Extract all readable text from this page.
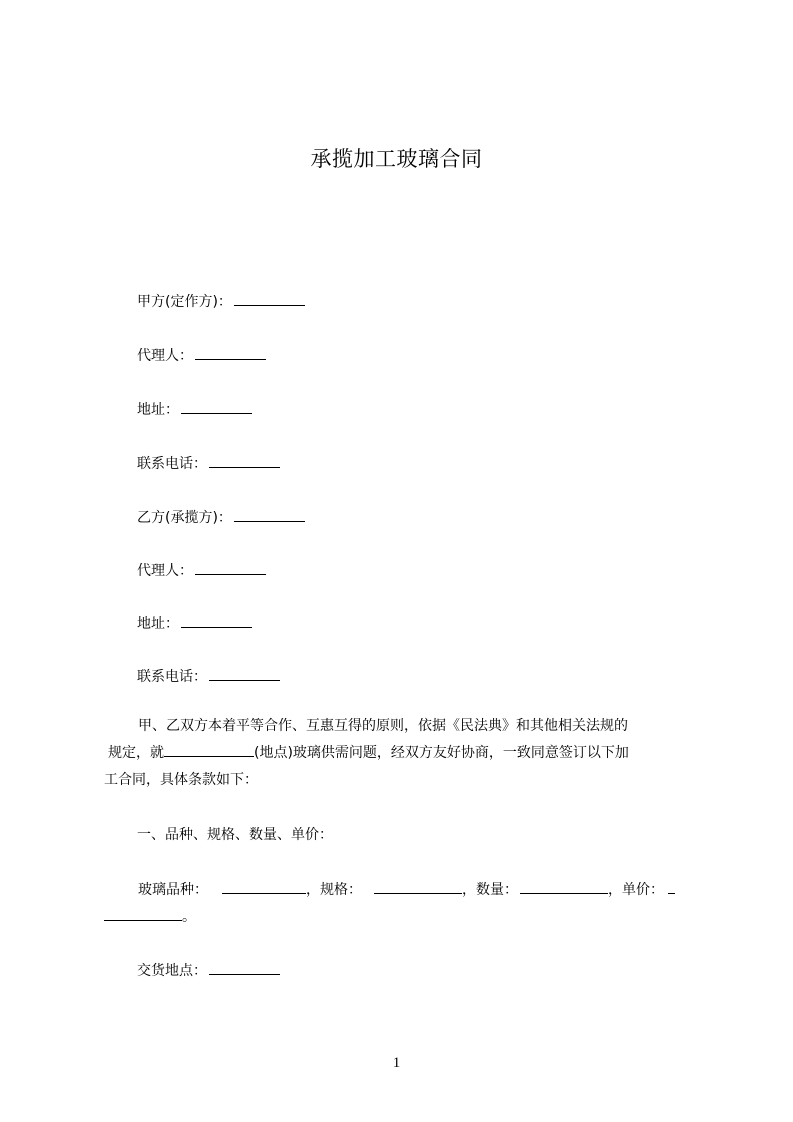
承揽加工玻璃合同
甲方(定作方)：
代理人：
地址：
联系电话：
乙方(承揽方)：
代理人：
地址：
联系电话：
甲、乙双方本着平等合作、互惠互得的原则，依据《民法典》和其他相关法规的
规定，就	(地点)玻璃供需问题，经双方友好协商，一致同意签订以下加
工合同，具体条款如下：
一、品种、规格、数量、单价：
玻璃品种：	，规格：	，数量：	，单价：
。
交货地点：
1
